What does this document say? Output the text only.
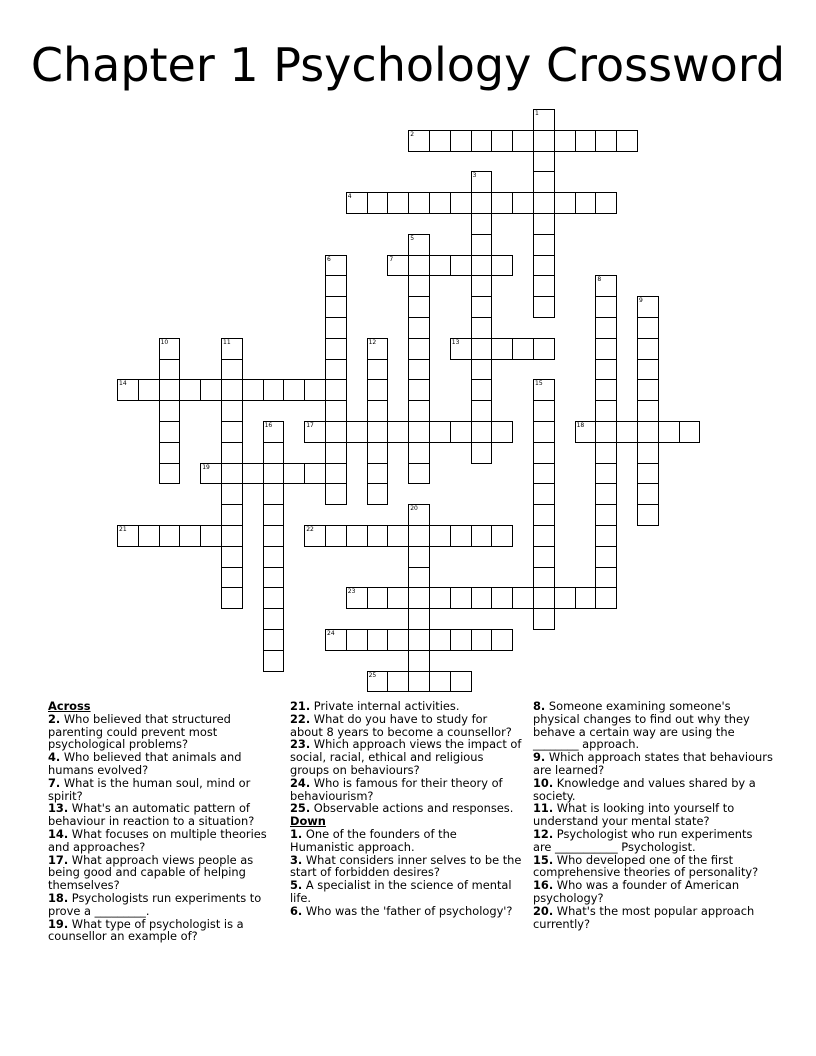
Chapter 1 Psychology Crossword
1
2
3
4
5
6	7
8
9
10	11	12	13
14	15
16	17	18
19
20
21	22
23
24
25

Across

2. Who believed that structured parenting could prevent most psychological problems?

4. Who believed that animals and humans evolved?

7. What is the human soul, mind or spirit?

13. What's an automatic pattern of behaviour in reaction to a situation?

14. What focuses on multiple theories and approaches?

17. What approach views people as being good and capable of helping themselves?

18. Psychologists run experiments to prove a _________.

19. What type of psychologist is a counsellor an example of?

21. Private internal activities.

22. What do you have to study for about 8 years to become a counsellor?

23. Which approach views the impact of social, racial, ethical and religious groups on behaviours?

24. Who is famous for their theory of behaviourism?

25. Observable actions and responses.

Down

1. One of the founders of the Humanistic approach.

3. What considers inner selves to be the start of forbidden desires?

5. A specialist in the science of mental life.

6. Who was the 'father of psychology'?

8. Someone examining someone's physical changes to find out why they behave a certain way are using the ________ approach.

9. Which approach states that behaviours are learned?

10. Knowledge and values shared by a society.

11. What is looking into yourself to understand your mental state?

12. Psychologist who run experiments are ___________ Psychologist.

15. Who developed one of the first comprehensive theories of personality?

16. Who was a founder of American psychology?

20. What's the most popular approach currently?
